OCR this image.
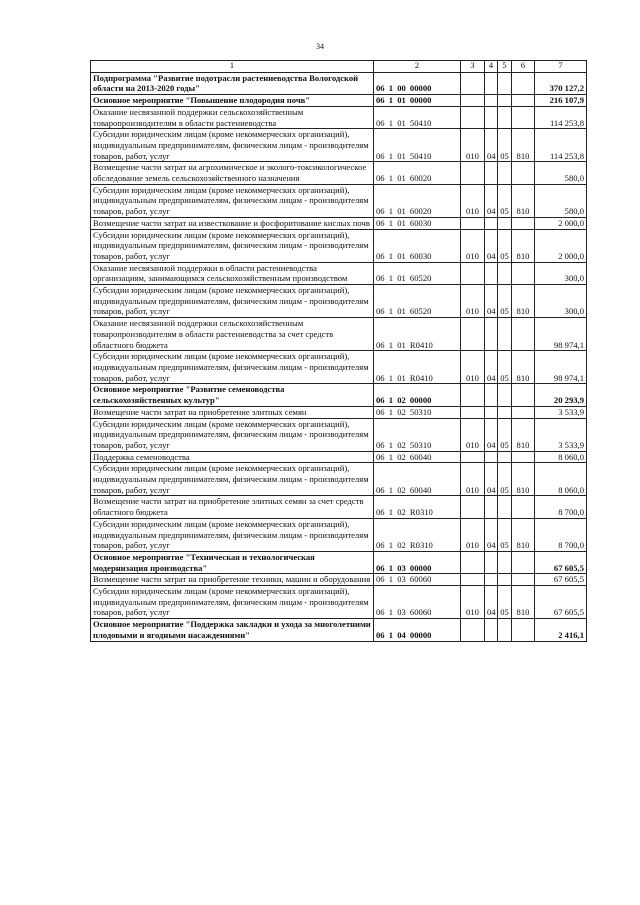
34
1	2	3	4	5	6	7
Подпрограмма "Развитие подотрасли растениеводства Вологодской области на 2013-2020 годы"	06 1 00 00000					370 127,2
Основное мероприятие "Повышение плодородия почв"	06 1 01 00000					216 107,9
Оказание несвязанной поддержки сельскохозяйственным товаропроизводителям в области растениеводства	06 1 01 50410					114 253,8
Субсидии юридическим лицам (кроме некоммерческих организаций), индивидуальным предпринимателям, физическим лицам - производителям товаров, работ, услуг	06 1 01 50410	010	04	05	810	114 253,8
Возмещение части затрат на агрохимическое и эколого-токсикологическое обследование земель сельскохозяйственного назначения	06 1 01 60020					580,0
Субсидии юридическим лицам (кроме некоммерческих организаций), индивидуальным предпринимателям, физическим лицам - производителям товаров, работ, услуг	06 1 01 60020	010	04	05	810	580,0
Возмещение части затрат на известкование и фосфоритование кислых почв	06 1 01 60030					2 000,0
Субсидии юридическим лицам (кроме некоммерческих организаций), индивидуальным предпринимателям, физическим лицам - производителям товаров, работ, услуг	06 1 01 60030	010	04	05	810	2 000,0
Оказание несвязанной поддержки в области растениеводства организациям, занимающимся сельскохозяйственным производством	06 1 01 60520					300,0
Субсидии юридическим лицам (кроме некоммерческих организаций), индивидуальным предпринимателям, физическим лицам - производителям товаров, работ, услуг	06 1 01 60520	010	04	05	810	300,0
Оказание несвязанной поддержки сельскохозяйственным товаропроизводителям в области растениеводства за счет средств областного бюджета	06 1 01 R0410					98 974,1
Субсидии юридическим лицам (кроме некоммерческих организаций), индивидуальным предпринимателям, физическим лицам - производителям товаров, работ, услуг	06 1 01 R0410	010	04	05	810	98 974,1
Основное мероприятие "Развитие семеноводства сельскохозяйственных культур"	06 1 02 00000					20 293,9
Возмещение части затрат на приобретение элитных семян	06 1 02 50310					3 533,9
Субсидии юридическим лицам (кроме некоммерческих организаций), индивидуальным предпринимателям, физическим лицам - производителям товаров, работ, услуг	06 1 02 50310	010	04	05	810	3 533,9
Поддержка семеноводства	06 1 02 60040					8 060,0
Субсидии юридическим лицам (кроме некоммерческих организаций), индивидуальным предпринимателям, физическим лицам - производителям товаров, работ, услуг	06 1 02 60040	010	04	05	810	8 060,0
Возмещение части затрат на приобретение элитных семян за счет средств областного бюджета	06 1 02 R0310					8 700,0
Субсидии юридическим лицам (кроме некоммерческих организаций), индивидуальным предпринимателям, физическим лицам - производителям товаров, работ, услуг	06 1 02 R0310	010	04	05	810	8 700,0
Основное мероприятие "Техническая и технологическая модернизация производства"	06 1 03 00000					67 605,5
Возмещение части затрат на приобретение техники, машин и оборудования	06 1 03 60060					67 605,5
Субсидии юридическим лицам (кроме некоммерческих организаций), индивидуальным предпринимателям, физическим лицам - производителям товаров, работ, услуг	06 1 03 60060	010	04	05	810	67 605,5
Основное мероприятие "Поддержка закладки и ухода за многолетними плодовыми и ягодными насаждениями"	06 1 04 00000					2 416,1
